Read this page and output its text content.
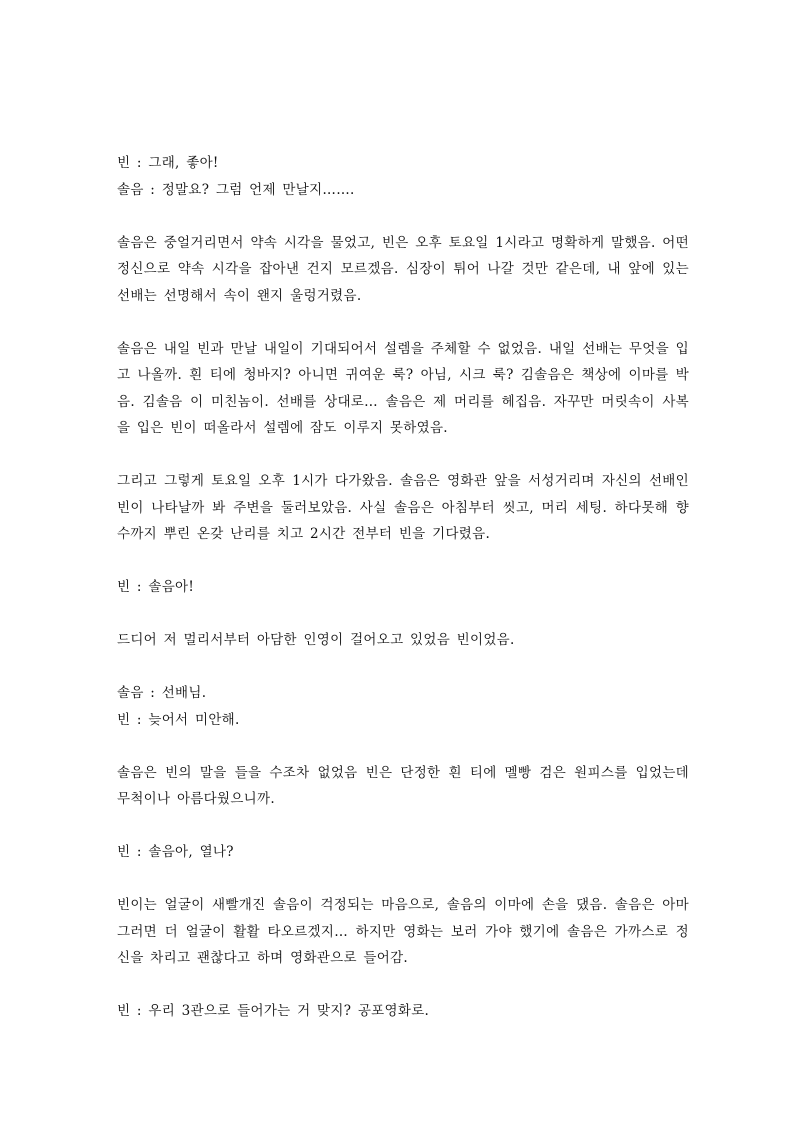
빈 : 그래, 좋아!
솔음 : 정말요? 그럼 언제 만날지…….

솔음은 중얼거리면서 약속 시각을 물었고, 빈은 오후 토요일 1시라고 명확하게 말했음. 어떤 정신으로 약속 시각을 잡아낸 건지 모르겠음. 심장이 튀어 나갈 것만 같은데, 내 앞에 있는 선배는 선명해서 속이 왠지 울렁거렸음.

솔음은 내일 빈과 만날 내일이 기대되어서 설렘을 주체할 수 없었음. 내일 선배는 무엇을 입고 나올까. 흰 티에 청바지? 아니면 귀여운 룩? 아님, 시크 룩? 김솔음은 책상에 이마를 박음. 김솔음 이 미친놈이. 선배를 상대로… 솔음은 제 머리를 헤집음. 자꾸만 머릿속이 사복을 입은 빈이 떠올라서 설렘에 잠도 이루지 못하였음.

그리고 그렇게 토요일 오후 1시가 다가왔음. 솔음은 영화관 앞을 서성거리며 자신의 선배인 빈이 나타날까 봐 주변을 둘러보았음. 사실 솔음은 아침부터 씻고, 머리 세팅. 하다못해 향수까지 뿌린 온갖 난리를 치고 2시간 전부터 빈을 기다렸음.

빈 : 솔음아!

드디어 저 멀리서부터 아담한 인영이 걸어오고 있었음 빈이었음.

솔음 : 선배님.
빈 : 늦어서 미안해.

솔음은 빈의 말을 들을 수조차 없었음 빈은 단정한 흰 티에 멜빵 검은 원피스를 입었는데 무척이나 아름다웠으니까.

빈 : 솔음아, 열나?

빈이는 얼굴이 새빨개진 솔음이 걱정되는 마음으로, 솔음의 이마에 손을 댔음. 솔음은 아마 그러면 더 얼굴이 활활 타오르겠지… 하지만 영화는 보러 가야 했기에 솔음은 가까스로 정신을 차리고 괜찮다고 하며 영화관으로 들어감.

빈 : 우리 3관으로 들어가는 거 맞지? 공포영화로.
